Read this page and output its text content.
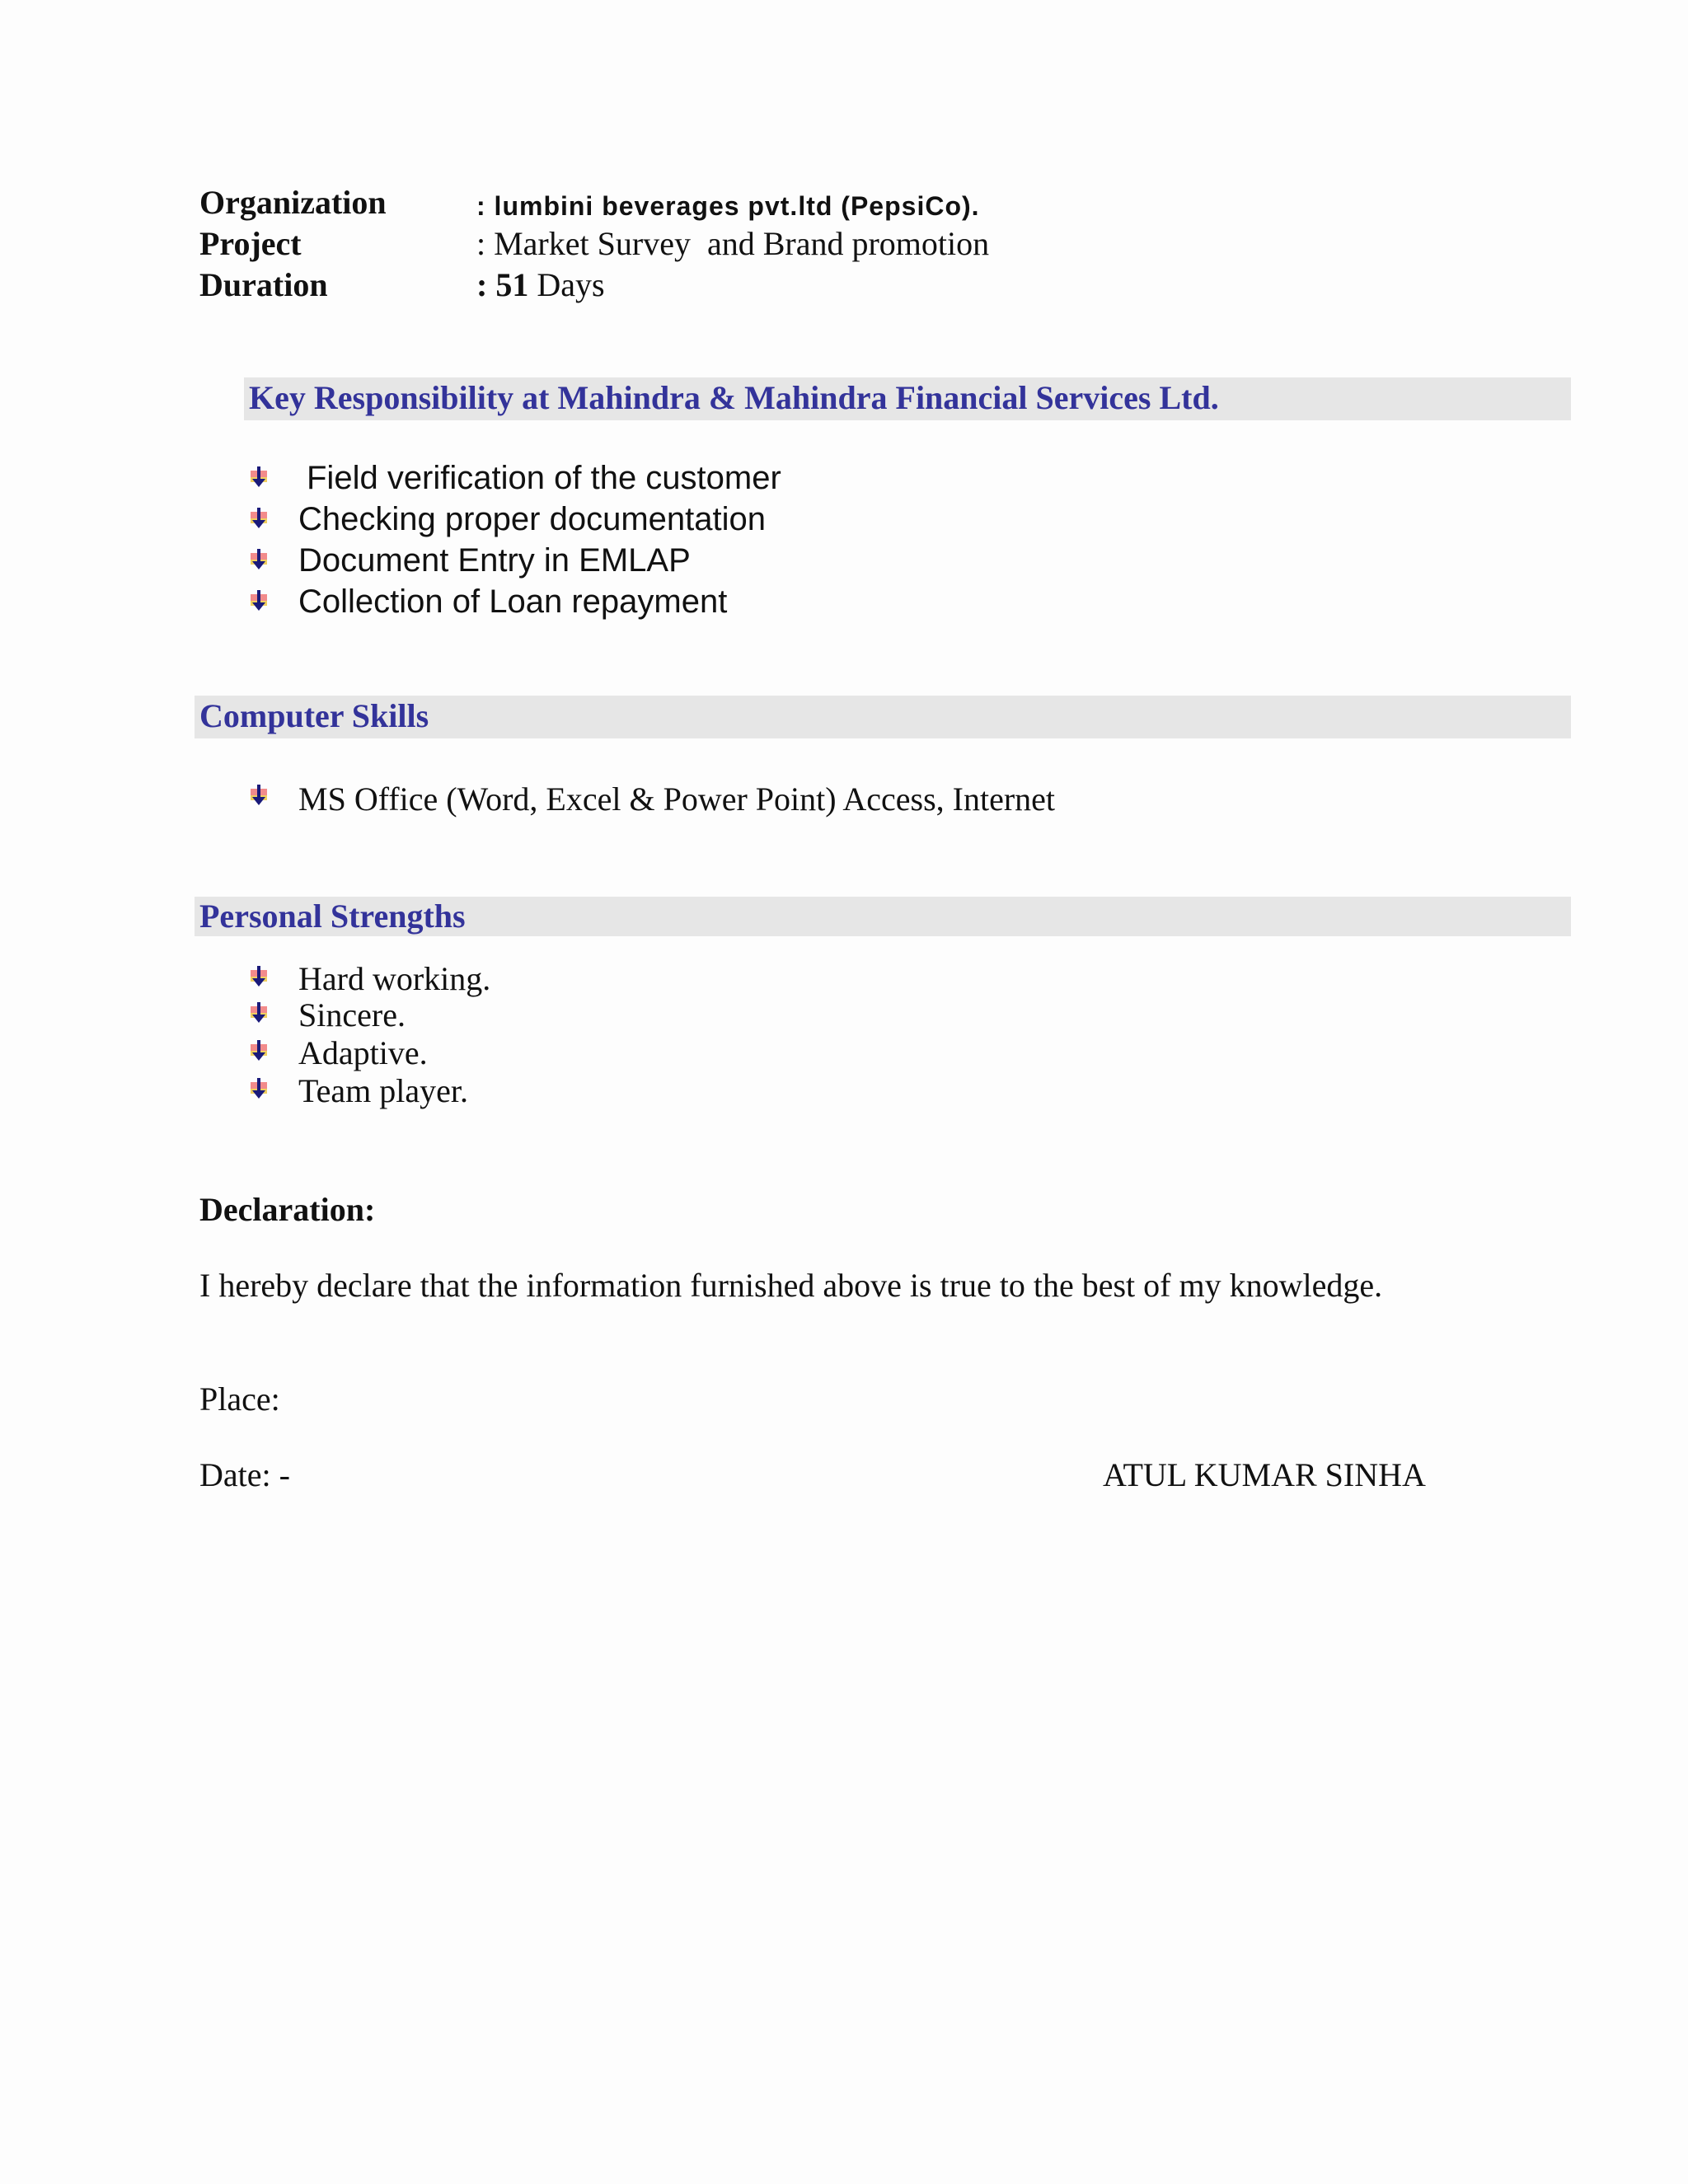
Organization	: lumbini beverages pvt.ltd (PepsiCo).
Project	: Market Survey  and Brand promotion
Duration	: 51 Days
Key Responsibility at Mahindra & Mahindra Financial Services Ltd.
Field verification of the customer
Checking proper documentation
Document Entry in EMLAP
Collection of Loan repayment
Computer Skills
MS Office (Word, Excel & Power Point) Access, Internet
Personal Strengths
Hard working.
Sincere.
Adaptive.
Team player.
Declaration:
I hereby declare that the information furnished above is true to the best of my knowledge.
Place:
Date: -	ATUL KUMAR SINHA
